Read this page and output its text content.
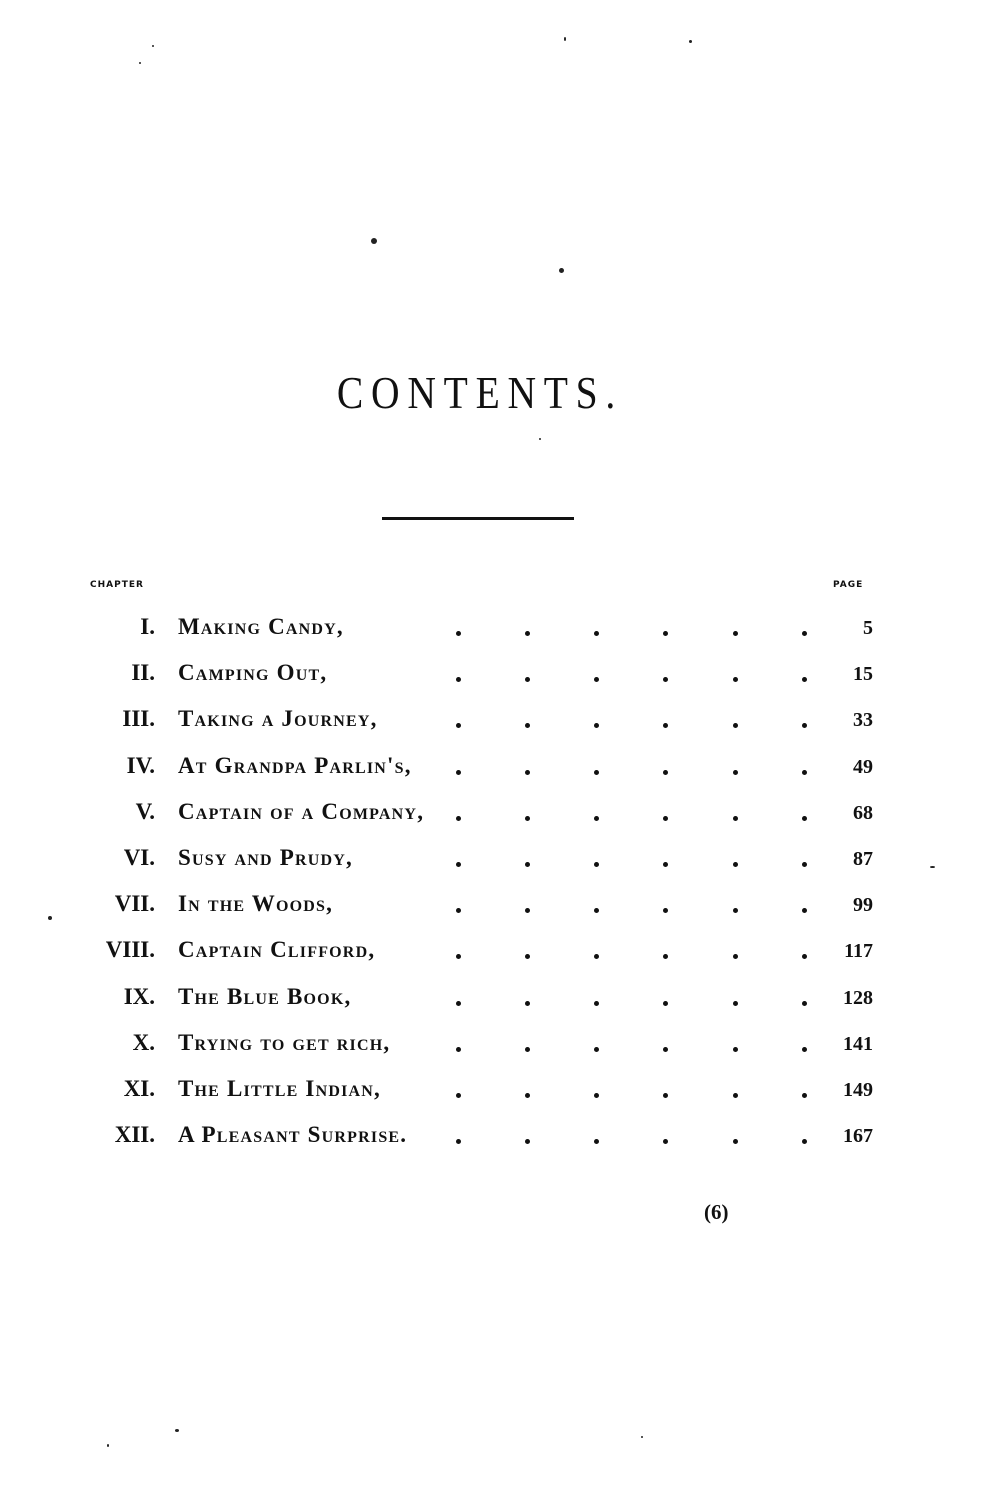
CONTENTS.
CHAPTER	PAGE
I. Making Candy,	5
II. Camping Out,	15
III. Taking a Journey,	33
IV. At Grandpa Parlin's,	49
V. Captain of a Company,	68
VI. Susy and Prudy,	87
VII. In the Woods,	99
VIII. Captain Clifford,	117
IX. The Blue Book,	128
X. Trying to get rich,	141
XI. The Little Indian,	149
XII. A Pleasant Surprise.	167
(6)
